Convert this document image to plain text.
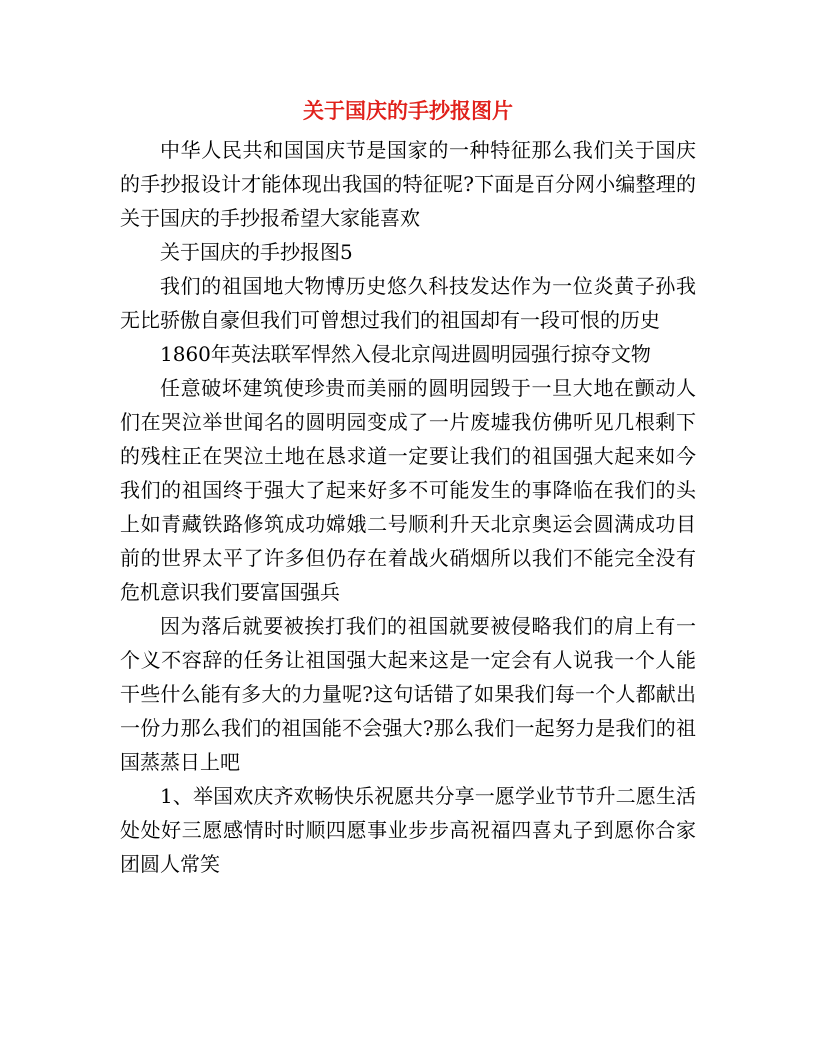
关于国庆的手抄报图片

中华人民共和国国庆节是国家的一种特征那么我们关于国庆的手抄报设计才能体现出我国的特征呢?下面是百分网小编整理的关于国庆的手抄报希望大家能喜欢

关于国庆的手抄报图5

我们的祖国地大物博历史悠久科技发达作为一位炎黄子孙我无比骄傲自豪但我们可曾想过我们的祖国却有一段可恨的历史

1860年英法联军悍然入侵北京闯进圆明园强行掠夺文物

任意破坏建筑使珍贵而美丽的圆明园毁于一旦大地在颤动人们在哭泣举世闻名的圆明园变成了一片废墟我仿佛听见几根剩下的残柱正在哭泣土地在恳求道一定要让我们的祖国强大起来如今我们的祖国终于强大了起来好多不可能发生的事降临在我们的头上如青藏铁路修筑成功嫦娥二号顺利升天北京奥运会圆满成功目前的世界太平了许多但仍存在着战火硝烟所以我们不能完全没有危机意识我们要富国强兵

因为落后就要被挨打我们的祖国就要被侵略我们的肩上有一个义不容辞的任务让祖国强大起来这是一定会有人说我一个人能干些什么能有多大的力量呢?这句话错了如果我们每一个人都献出一份力那么我们的祖国能不会强大?那么我们一起努力是我们的祖国蒸蒸日上吧

1、举国欢庆齐欢畅快乐祝愿共分享一愿学业节节升二愿生活处处好三愿感情时时顺四愿事业步步高祝福四喜丸子到愿你合家团圆人常笑
